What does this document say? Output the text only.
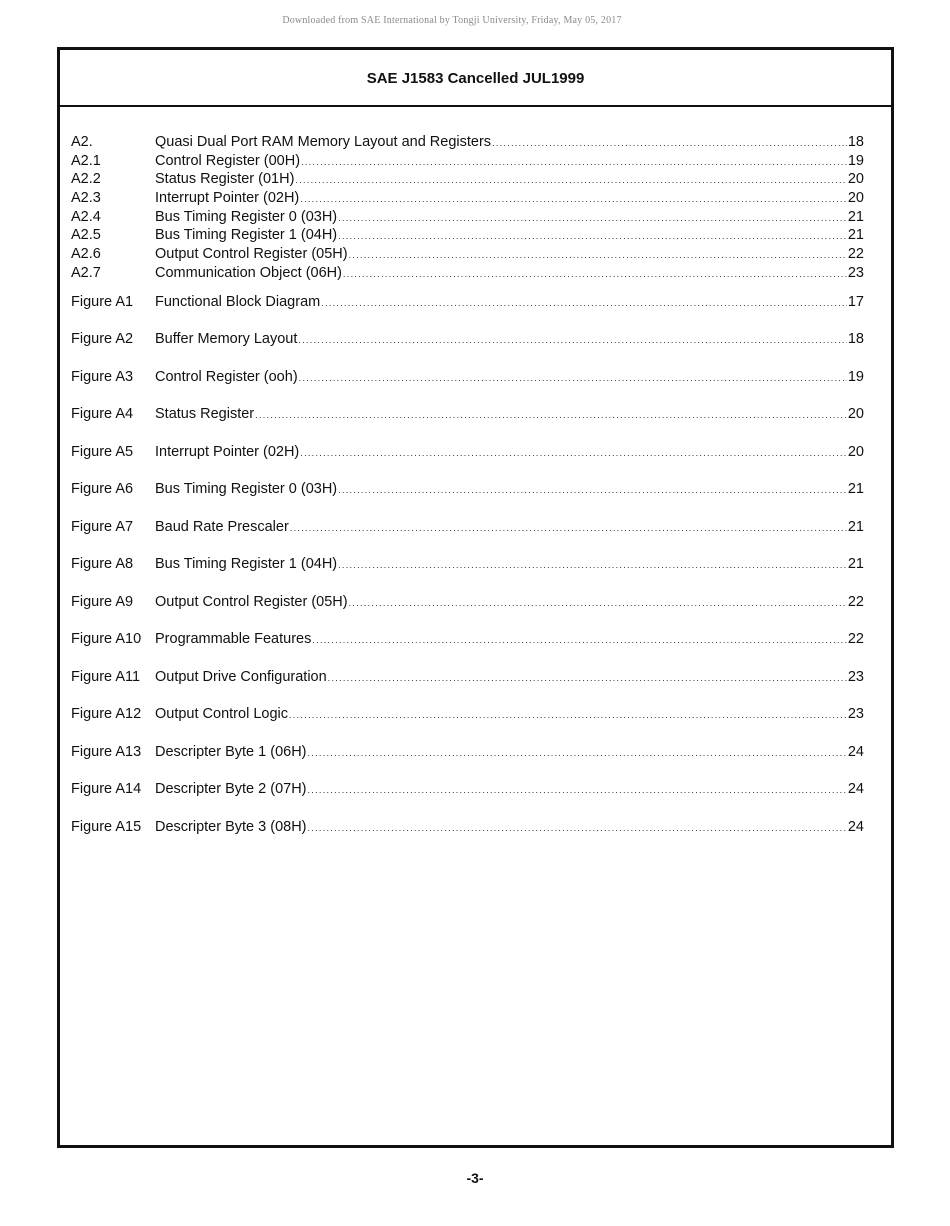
Downloaded from SAE International by Tongji University, Friday, May 05, 2017
SAE J1583 Cancelled JUL1999
A2.	Quasi Dual Port RAM Memory Layout and Registers . . .	18
A2.1	Control Register (00H) . . .	19
A2.2	Status Register (01H) . . .	20
A2.3	Interrupt Pointer (02H) . . .	20
A2.4	Bus Timing Register 0 (03H) . . .	21
A2.5	Bus Timing Register 1 (04H) . . .	21
A2.6	Output Control Register (05H) . . .	22
A2.7	Communication Object (06H) . . .	23
Figure A1	Functional Block Diagram . . .	17
Figure A2	Buffer Memory Layout . . .	18
Figure A3	Control Register (ooh) . . .	19
Figure A4	Status Register . . .	20
Figure A5	Interrupt Pointer (02H) . . .	20
Figure A6	Bus Timing Register 0 (03H) . . .	21
Figure A7	Baud Rate Prescaler . . .	21
Figure A8	Bus Timing Register 1 (04H) . . .	21
Figure A9	Output Control Register (05H) . . .	22
Figure A10 Programmable Features . . .	22
Figure A11	Output Drive Configuration . . .	23
Figure A12 Output Control Logic . . .	23
Figure A13 Descripter Byte 1 (06H) . . .	24
Figure A14 Descripter Byte 2 (07H) . . .	24
Figure A15 Descripter Byte 3 (08H) . . .	24
-3-
